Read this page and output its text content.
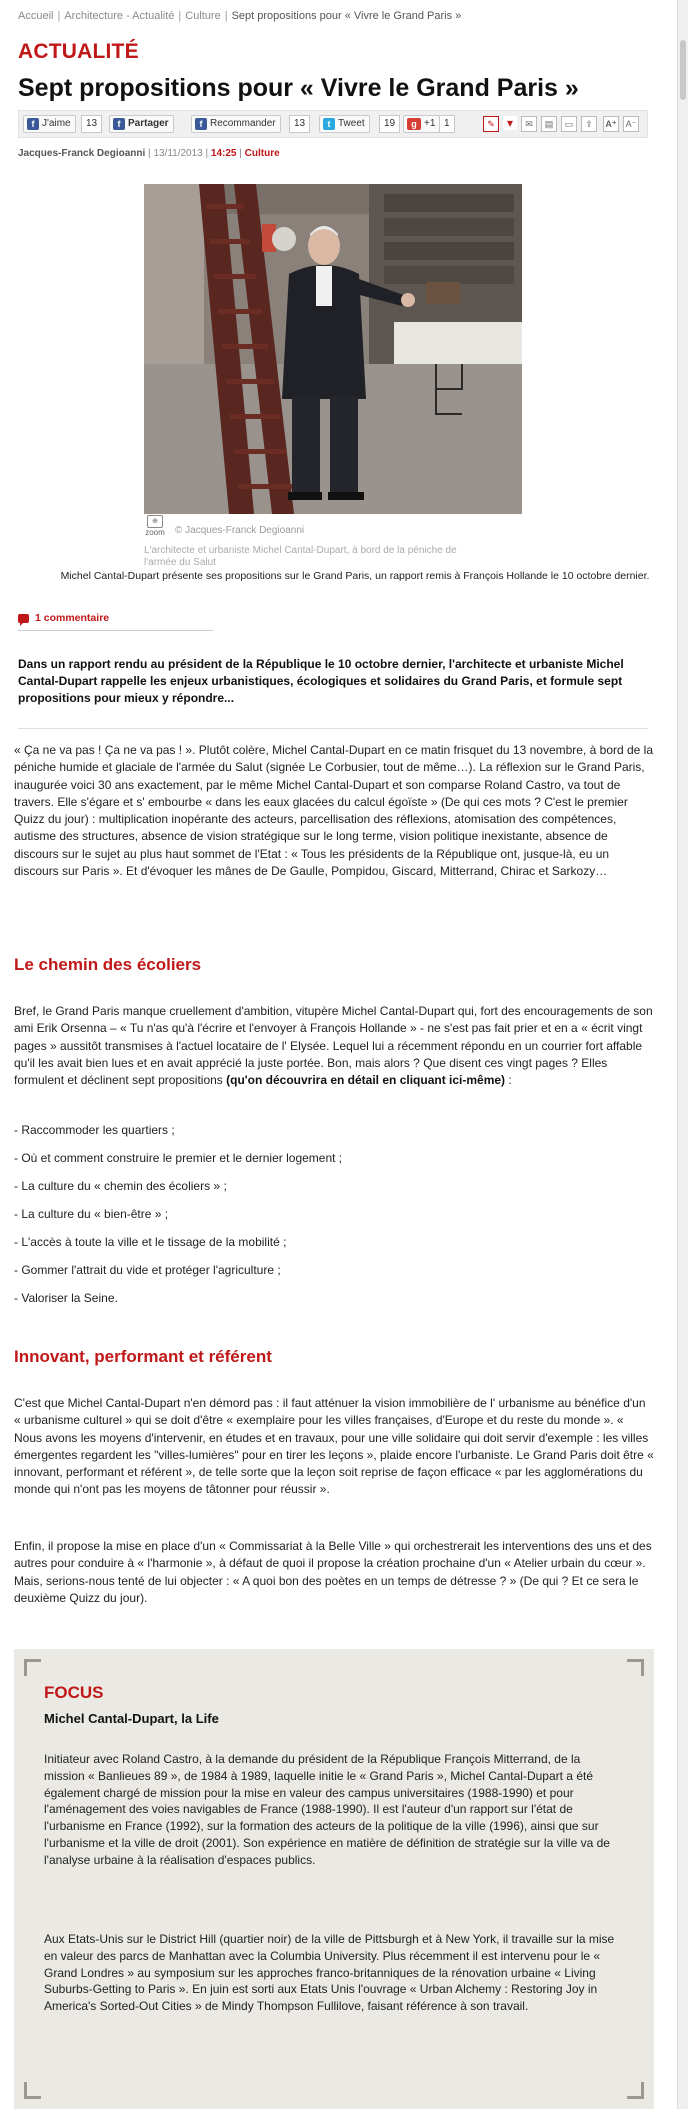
Accueil | Architecture - Actualité | Culture | Sept propositions pour « Vivre le Grand Paris »
ACTUALITÉ
Sept propositions pour « Vivre le Grand Paris »
f J'aime	13	f Partager	f Recommander	13	t Tweet	19	g +1 1	✎	▾	✉	▤	▭	⇪	A⁺ A⁻
Jacques-Franck Degioanni | 13/11/2013 | 14:25 | Culture
⊕
zoom © Jacques-Franck Degioanni
L'architecte et urbaniste Michel Cantal-Dupart, à bord de la péniche de l'armée du Salut
Michel Cantal-Dupart présente ses propositions sur le Grand Paris, un rapport remis à François Hollande le 10 octobre dernier.
1 commentaire
Dans un rapport rendu au président de la République le 10 octobre dernier, l'architecte et urbaniste Michel Cantal-Dupart rappelle les enjeux urbanistiques, écologiques et solidaires du Grand Paris, et formule sept propositions pour mieux y répondre...
« Ça ne va pas ! Ça ne va pas ! ». Plutôt colère, Michel Cantal-Dupart en ce matin frisquet du 13 novembre, à bord de la péniche humide et glaciale de l'armée du Salut (signée Le Corbusier, tout de même…). La réflexion sur le Grand Paris, inaugurée voici 30 ans exactement, par le même Michel Cantal-Dupart et son comparse Roland Castro, va tout de travers. Elle s'égare et s' embourbe « dans les eaux glacées du calcul égoïste » (De qui ces mots ? C'est le premier Quizz du jour) : multiplication inopérante des acteurs, parcellisation des réflexions, atomisation des compétences, autisme des structures, absence de vision stratégique sur le long terme, vision politique inexistante, absence de discours sur le sujet au plus haut sommet de l'Etat : « Tous les présidents de la République ont, jusque-là, eu un discours sur Paris ». Et d'évoquer les mânes de De Gaulle, Pompidou, Giscard, Mitterrand, Chirac et Sarkozy…
Le chemin des écoliers
Bref, le Grand Paris manque cruellement d'ambition, vitupère Michel Cantal-Dupart qui, fort des encouragements de son ami Erik Orsenna – « Tu n'as qu'à l'écrire et l'envoyer à François Hollande » - ne s'est pas fait prier et en a « écrit vingt pages » aussitôt transmises à l'actuel locataire de l' Elysée. Lequel lui a récemment répondu en un courrier fort affable qu'il les avait bien lues et en avait apprécié la juste portée. Bon, mais alors ? Que disent ces vingt pages ? Elles formulent et déclinent sept propositions (qu'on découvrira en détail en cliquant ici-même) :
- Raccommoder les quartiers ;
- Où et comment construire le premier et le dernier logement ;
- La culture du « chemin des écoliers » ;
- La culture du « bien-être » ;
- L'accès à toute la ville et le tissage de la mobilité ;
- Gommer l'attrait du vide et protéger l'agriculture ;
- Valoriser la Seine.
Innovant, performant et référent
C'est que Michel Cantal-Dupart n'en démord pas : il faut atténuer la vision immobilière de l' urbanisme au bénéfice d'un « urbanisme culturel » qui se doit d'être « exemplaire pour les villes françaises, d'Europe et du reste du monde ». « Nous avons les moyens d'intervenir, en études et en travaux, pour une ville solidaire qui doit servir d'exemple : les villes émergentes regardent les "villes-lumières" pour en tirer les leçons », plaide encore l'urbaniste. Le Grand Paris doit être « innovant, performant et référent », de telle sorte que la leçon soit reprise de façon efficace « par les agglomérations du monde qui n'ont pas les moyens de tâtonner pour réussir ».
Enfin, il propose la mise en place d'un « Commissariat à la Belle Ville » qui orchestrerait les interventions des uns et des autres pour conduire à « l'harmonie », à défaut de quoi il propose la création prochaine d'un « Atelier urbain du cœur ». Mais, serions-nous tenté de lui objecter : « A quoi bon des poètes en un temps de détresse ? » (De qui ? Et ce sera le deuxième Quizz du jour).
FOCUS
Michel Cantal-Dupart, la Life
Initiateur avec Roland Castro, à la demande du président de la République François Mitterrand, de la mission « Banlieues 89 », de 1984 à 1989, laquelle initie le « Grand Paris », Michel Cantal-Dupart a été également chargé de mission pour la mise en valeur des campus universitaires (1988-1990) et pour l'aménagement des voies navigables de France (1988-1990). Il est l'auteur d'un rapport sur l'état de l'urbanisme en France (1992), sur la formation des acteurs de la politique de la ville (1996), ainsi que sur l'urbanisme et la ville de droit (2001). Son expérience en matière de définition de stratégie sur la ville va de l'analyse urbaine à la réalisation d'espaces publics.
Aux Etats-Unis sur le District Hill (quartier noir) de la ville de Pittsburgh et à New York, il travaille sur la mise en valeur des parcs de Manhattan avec la Columbia University. Plus récemment il est intervenu pour le « Grand Londres » au symposium sur les approches franco-britanniques de la rénovation urbaine « Living Suburbs-Getting to Paris ». En juin est sorti aux Etats Unis l'ouvrage « Urban Alchemy : Restoring Joy in America's Sorted-Out Cities » de Mindy Thompson Fullilove, faisant référence à son travail.
